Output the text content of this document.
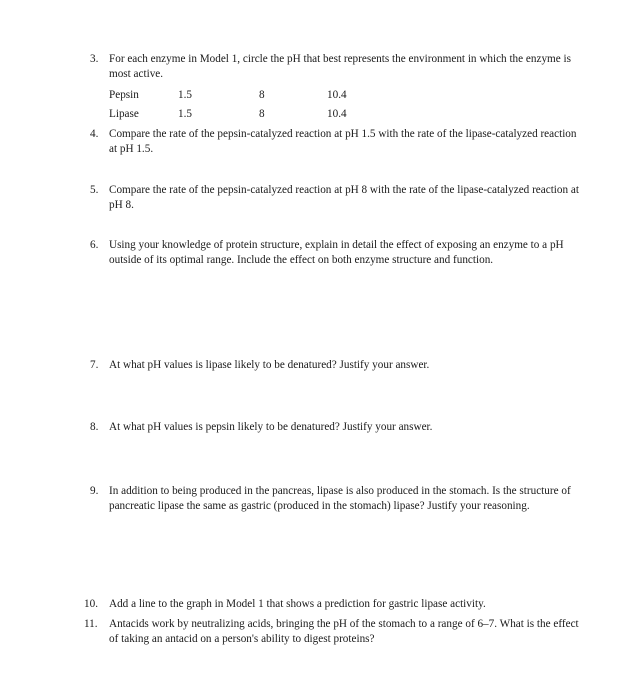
3. For each enzyme in Model 1, circle the pH that best represents the environment in which the enzyme is most active.
Pepsin	1.5	8	10.4
Lipase	1.5	8	10.4
4. Compare the rate of the pepsin-catalyzed reaction at pH 1.5 with the rate of the lipase-catalyzed reaction at pH 1.5.
5. Compare the rate of the pepsin-catalyzed reaction at pH 8 with the rate of the lipase-catalyzed reaction at pH 8.
6. Using your knowledge of protein structure, explain in detail the effect of exposing an enzyme to a pH outside of its optimal range. Include the effect on both enzyme structure and function.
7. At what pH values is lipase likely to be denatured? Justify your answer.
8. At what pH values is pepsin likely to be denatured? Justify your answer.
9. In addition to being produced in the pancreas, lipase is also produced in the stomach. Is the structure of pancreatic lipase the same as gastric (produced in the stomach) lipase? Justify your reasoning.
10. Add a line to the graph in Model 1 that shows a prediction for gastric lipase activity.
11. Antacids work by neutralizing acids, bringing the pH of the stomach to a range of 6–7. What is the effect of taking an antacid on a person's ability to digest proteins?
